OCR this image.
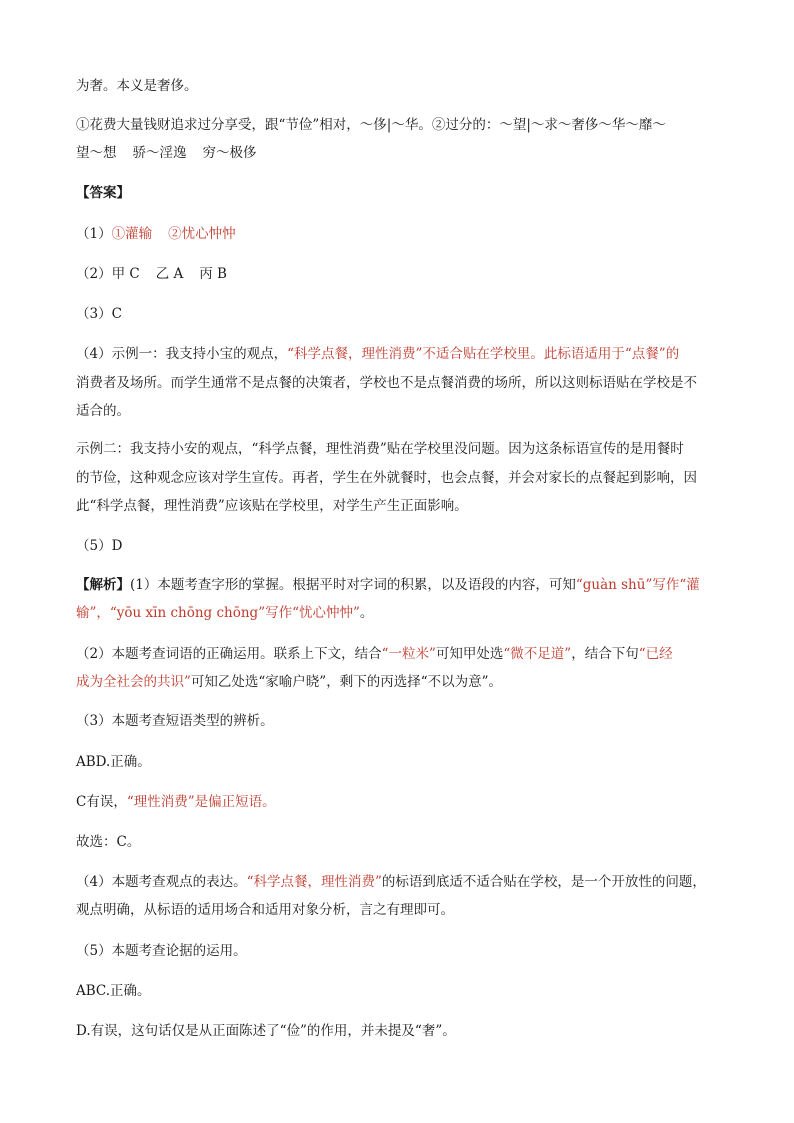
为奢。本义是奢侈。
①花费大量钱财追求过分享受，跟“节俭”相对，～侈|～华。②过分的：～望|～求～奢侈～华～靡～
望～想 骄～淫逸 穷～极侈
【答案】
（1）①灌输 ②忧心忡忡
（2）甲 C 乙 A 丙 B
（3）C
（4）示例一：我支持小宝的观点，“科学点餐，理性消费”不适合贴在学校里。此标语适用于“点餐”的
消费者及场所。而学生通常不是点餐的决策者，学校也不是点餐消费的场所，所以这则标语贴在学校是不
适合的。
示例二：我支持小安的观点，“科学点餐，理性消费”贴在学校里没问题。因为这条标语宣传的是用餐时
的节俭，这种观念应该对学生宣传。再者，学生在外就餐时，也会点餐，并会对家长的点餐起到影响，因
此“科学点餐，理性消费”应该贴在学校里，对学生产生正面影响。
（5）D
【解析】(1）本题考查字形的掌握。根据平时对字词的积累，以及语段的内容，可知“guàn shū”写作“灌
输”，“yōu xīn chōng chōng”写作“忧心忡忡”。
（2）本题考查词语的正确运用。联系上下文，结合“一粒米”可知甲处选“微不足道”，结合下句“已经
成为全社会的共识”可知乙处选“家喻户晓”，剩下的丙选择“不以为意”。
（3）本题考查短语类型的辨析。
ABD.正确。
C有误，“理性消费”是偏正短语。
故选：C。
（4）本题考查观点的表达。“科学点餐，理性消费”的标语到底适不适合贴在学校，是一个开放性的问题，
观点明确，从标语的适用场合和适用对象分析，言之有理即可。
（5）本题考查论据的运用。
ABC.正确。
D.有误，这句话仅是从正面陈述了“俭”的作用，并未提及“奢”。
